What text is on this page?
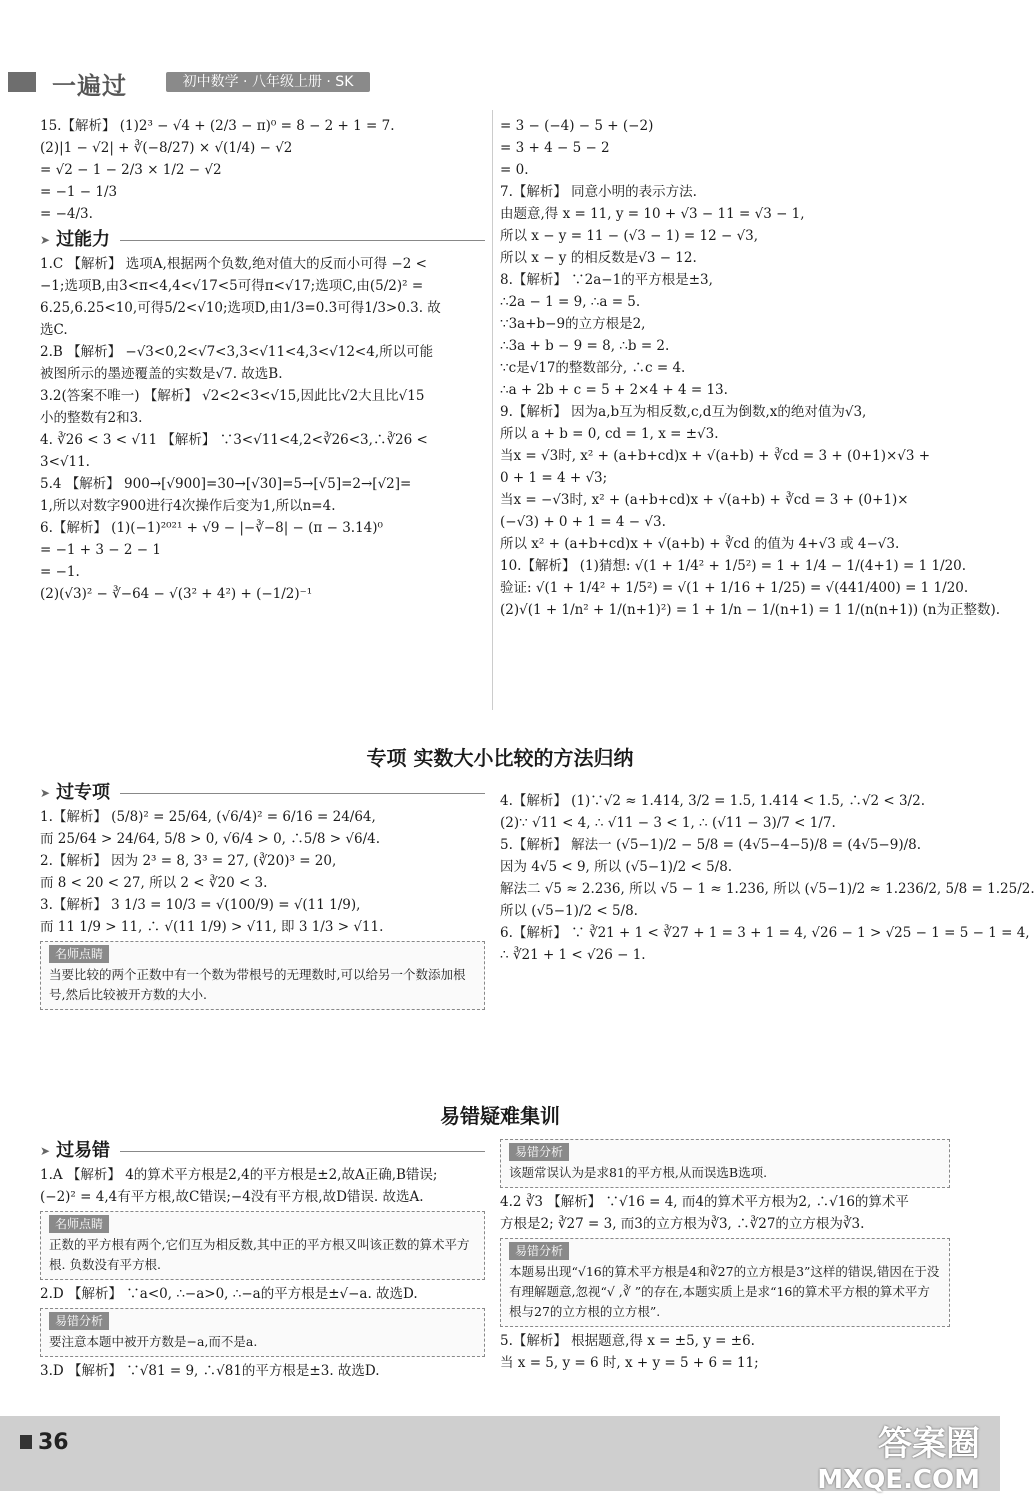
一遍过	初中数学 · 八年级上册 · SK
15.【解析】 (1)2³ − √4 + (2/3 − π)⁰ = 8 − 2 + 1 = 7.
(2)|1 − √2| + ∛(−8/27) × √(1/4) − √2
= √2 − 1 − 2/3 × 1/2 − √2
= −1 − 1/3
= −4/3.
➤ 过能力
1.C 【解析】 选项A,根据两个负数,绝对值大的反而小可得 −2 <
−1;选项B,由3<π<4,4<√17<5可得π<√17;选项C,由(5/2)² =
6.25,6.25<10,可得5/2<√10;选项D,由1/3=0.3̇可得1/3>0.3. 故
选C.
2.B 【解析】 −√3<0,2<√7<3,3<√11<4,3<√12<4,所以可能
被图所示的墨迹覆盖的实数是√7. 故选B.
3.2(答案不唯一) 【解析】 √2<2<3<√15,因此比√2大且比√15
小的整数有2和3.
4. ∛26 < 3 < √11 【解析】 ∵3<√11<4,2<∛26<3,∴∛26 <
3<√11.
5.4 【解析】 900→[√900]=30→[√30]=5→[√5]=2→[√2]=
1,所以对数字900进行4次操作后变为1,所以n=4.
6.【解析】 (1)(−1)²⁰²¹ + √9 − |−∛−8| − (π − 3.14)⁰
= −1 + 3 − 2 − 1
= −1.
(2)(√3)² − ∛−64 − √(3² + 4²) + (−1/2)⁻¹
= 3 − (−4) − 5 + (−2)
= 3 + 4 − 5 − 2
= 0.
7.【解析】 同意小明的表示方法.
由题意,得 x = 11, y = 10 + √3 − 11 = √3 − 1,
所以 x − y = 11 − (√3 − 1) = 12 − √3,
所以 x − y 的相反数是√3 − 12.
8.【解析】 ∵2a−1的平方根是±3,
∴2a − 1 = 9, ∴a = 5.
∵3a+b−9的立方根是2,
∴3a + b − 9 = 8, ∴b = 2.
∵c是√17的整数部分, ∴c = 4.
∴a + 2b + c = 5 + 2×4 + 4 = 13.
9.【解析】 因为a,b互为相反数,c,d互为倒数,x的绝对值为√3,
所以 a + b = 0, cd = 1, x = ±√3.
当x = √3时, x² + (a+b+cd)x + √(a+b) + ∛cd = 3 + (0+1)×√3 +
0 + 1 = 4 + √3;
当x = −√3时, x² + (a+b+cd)x + √(a+b) + ∛cd = 3 + (0+1)×
(−√3) + 0 + 1 = 4 − √3.
所以 x² + (a+b+cd)x + √(a+b) + ∛cd 的值为 4+√3 或 4−√3.
10.【解析】 (1)猜想: √(1 + 1/4² + 1/5²) = 1 + 1/4 − 1/(4+1) = 1 1/20.
验证: √(1 + 1/4² + 1/5²) = √(1 + 1/16 + 1/25) = √(441/400) = 1 1/20.
(2)√(1 + 1/n² + 1/(n+1)²) = 1 + 1/n − 1/(n+1) = 1 1/(n(n+1)) (n为正整数).
专项 实数大小比较的方法归纳
➤ 过专项
1.【解析】 (5/8)² = 25/64, (√6/4)² = 6/16 = 24/64,
而 25/64 > 24/64, 5/8 > 0, √6/4 > 0, ∴5/8 > √6/4.
2.【解析】 因为 2³ = 8, 3³ = 27, (∛20)³ = 20,
而 8 < 20 < 27, 所以 2 < ∛20 < 3.
3.【解析】 3 1/3 = 10/3 = √(100/9) = √(11 1/9),
而 11 1/9 > 11, ∴ √(11 1/9) > √11, 即 3 1/3 > √11.
名师点睛
当要比较的两个正数中有一个数为带根号的无理数时,可以给另一个数添加根号,然后比较被开方数的大小.
4.【解析】 (1)∵√2 ≈ 1.414, 3/2 = 1.5, 1.414 < 1.5, ∴√2 < 3/2.
(2)∵ √11 < 4, ∴ √11 − 3 < 1, ∴ (√11 − 3)/7 < 1/7.
5.【解析】 解法一 (√5−1)/2 − 5/8 = (4√5−4−5)/8 = (4√5−9)/8.
因为 4√5 < 9, 所以 (√5−1)/2 < 5/8.
解法二 √5 ≈ 2.236, 所以 √5 − 1 ≈ 1.236, 所以 (√5−1)/2 ≈ 1.236/2, 5/8 = 1.25/2.
所以 (√5−1)/2 < 5/8.
6.【解析】 ∵ ∛21 + 1 < ∛27 + 1 = 3 + 1 = 4, √26 − 1 > √25 − 1 = 5 − 1 = 4,
∴ ∛21 + 1 < √26 − 1.
易错疑难集训
➤ 过易错
1.A 【解析】 4的算术平方根是2,4的平方根是±2,故A正确,B错误;
(−2)² = 4,4有平方根,故C错误;−4没有平方根,故D错误. 故选A.
名师点睛
正数的平方根有两个,它们互为相反数,其中正的平方根又叫该正数的算术平方根. 负数没有平方根.
2.D 【解析】 ∵a<0, ∴−a>0, ∴−a的平方根是±√−a. 故选D.
易错分析
要注意本题中被开方数是−a,而不是a.
3.D 【解析】 ∵√81 = 9, ∴√81的平方根是±3. 故选D.
易错分析
该题常误认为是求81的平方根,从而误选B选项.
4.2 ∛3 【解析】 ∵√16 = 4, 而4的算术平方根为2, ∴√16的算术平
方根是2; ∛27 = 3, 而3的立方根为∛3, ∴∛27的立方根为∛3.
易错分析
本题易出现“√16的算术平方根是4和∛27的立方根是3”这样的错误,错因在于没有理解题意,忽视“√ ,∛ ”的存在,本题实质上是求“16的算术平方根的算术平方根与27的立方根的立方根”.
5.【解析】 根据题意,得 x = ±5, y = ±6.
当 x = 5, y = 6 时, x + y = 5 + 6 = 11;
36	答案圈
MXQE.COM
